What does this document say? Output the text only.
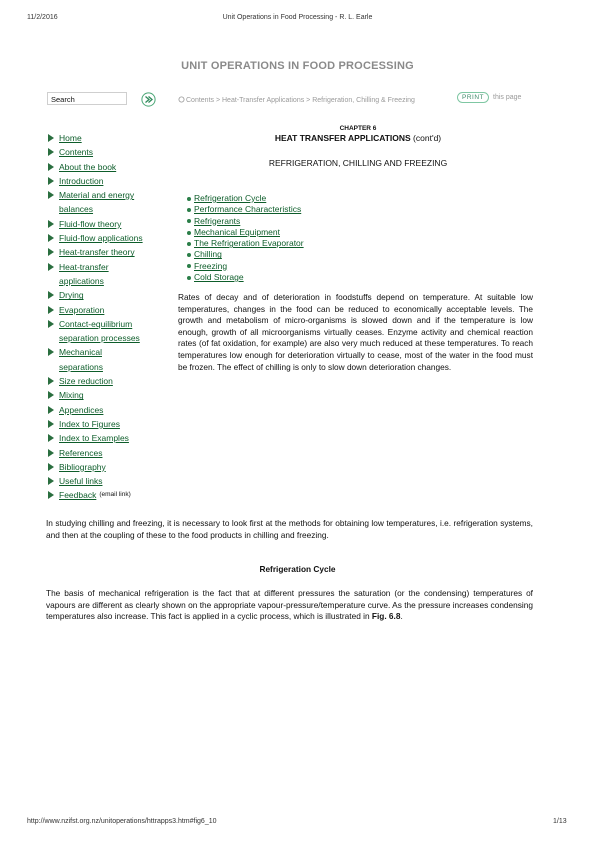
11/2/2016	Unit Operations in Food Processing - R. L. Earle
UNIT OPERATIONS IN FOOD PROCESSING
Search	Contents > Heat-Transfer Applications > Refrigeration, Chilling & Freezing	PRINT	this page
Home
Contents
About the book
Introduction
Material and energy balances
Fluid-flow theory
Fluid-flow applications
Heat-transfer theory
Heat-transfer applications
Drying
Evaporation
Contact-equilibrium separation processes
Mechanical separations
Size reduction
Mixing
Appendices
Index to Figures
Index to Examples
References
Bibliography
Useful links
Feedback (email link)
CHAPTER 6
HEAT TRANSFER APPLICATIONS (cont'd)
REFRIGERATION, CHILLING AND FREEZING
Refrigeration Cycle
Performance Characteristics
Refrigerants
Mechanical Equipment
The Refrigeration Evaporator
Chilling
Freezing
Cold Storage
Rates of decay and of deterioration in foodstuffs depend on temperature. At suitable low temperatures, changes in the food can be reduced to economically acceptable levels. The growth and metabolism of micro-organisms is slowed down and if the temperature is low enough, growth of all microorganisms virtually ceases. Enzyme activity and chemical reaction rates (of fat oxidation, for example) are also very much reduced at these temperatures. To reach temperatures low enough for deterioration virtually to cease, most of the water in the food must be frozen. The effect of chilling is only to slow down deterioration changes.
In studying chilling and freezing, it is necessary to look first at the methods for obtaining low temperatures, i.e. refrigeration systems, and then at the coupling of these to the food products in chilling and freezing.
Refrigeration Cycle
The basis of mechanical refrigeration is the fact that at different pressures the saturation (or the condensing) temperatures of vapours are different as clearly shown on the appropriate vapour-pressure/temperature curve. As the pressure increases condensing temperatures also increase. This fact is applied in a cyclic process, which is illustrated in Fig. 6.8.
http://www.nzifst.org.nz/unitoperations/httrapps3.htm#fig6_10	1/13
